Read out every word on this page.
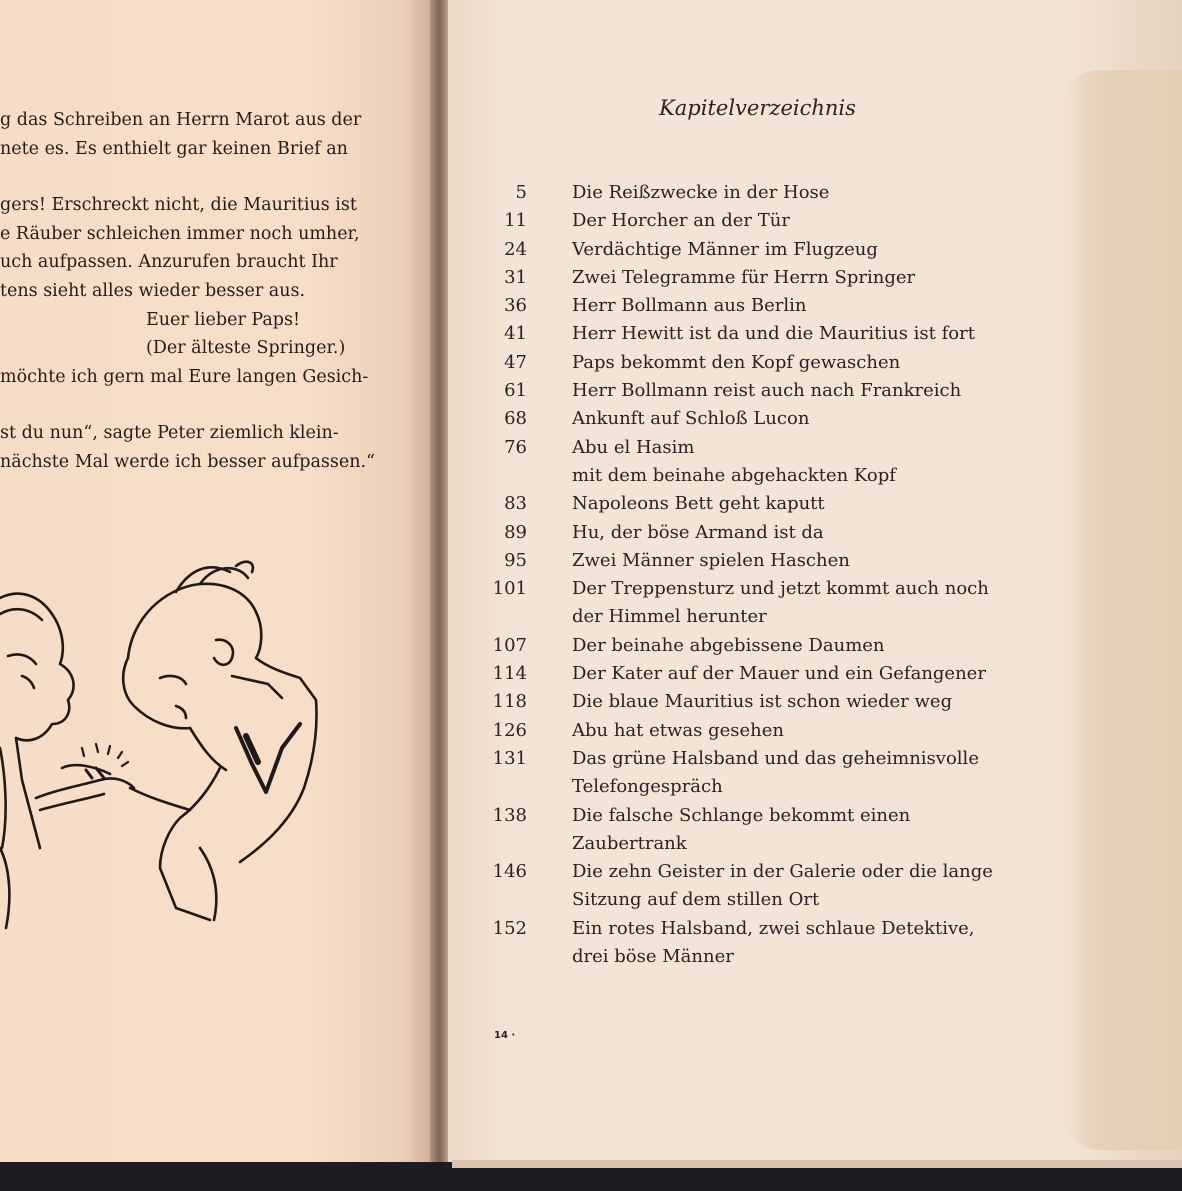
g das Schreiben an Herrn Marot aus der
nete es. Es enthielt gar keinen Brief an
gers! Erschreckt nicht, die Mauritius ist
e Räuber schleichen immer noch umher,
uch aufpassen. Anzurufen braucht Ihr
tens sieht alles wieder besser aus.
Euer lieber Paps!
(Der älteste Springer.)
möchte ich gern mal Eure langen Gesich-
st du nun“, sagte Peter ziemlich klein-
nächste Mal werde ich besser aufpassen.“
Kapitelverzeichnis
5	Die Reißzwecke in der Hose
11	Der Horcher an der Tür
24	Verdächtige Männer im Flugzeug
31	Zwei Telegramme für Herrn Springer
36	Herr Bollmann aus Berlin
41	Herr Hewitt ist da und die Mauritius ist fort
47	Paps bekommt den Kopf gewaschen
61	Herr Bollmann reist auch nach Frankreich
68	Ankunft auf Schloß Lucon
76	Abu el Hasim
mit dem beinahe abgehackten Kopf
83	Napoleons Bett geht kaputt
89	Hu, der böse Armand ist da
95	Zwei Männer spielen Haschen
101	Der Treppensturz und jetzt kommt auch noch
der Himmel herunter
107	Der beinahe abgebissene Daumen
114	Der Kater auf der Mauer und ein Gefangener
118	Die blaue Mauritius ist schon wieder weg
126	Abu hat etwas gesehen
131	Das grüne Halsband und das geheimnisvolle
Telefongespräch
138	Die falsche Schlange bekommt einen
Zaubertrank
146	Die zehn Geister in der Galerie oder die lange
Sitzung auf dem stillen Ort
152	Ein rotes Halsband, zwei schlaue Detektive,
drei böse Männer
14 ·
